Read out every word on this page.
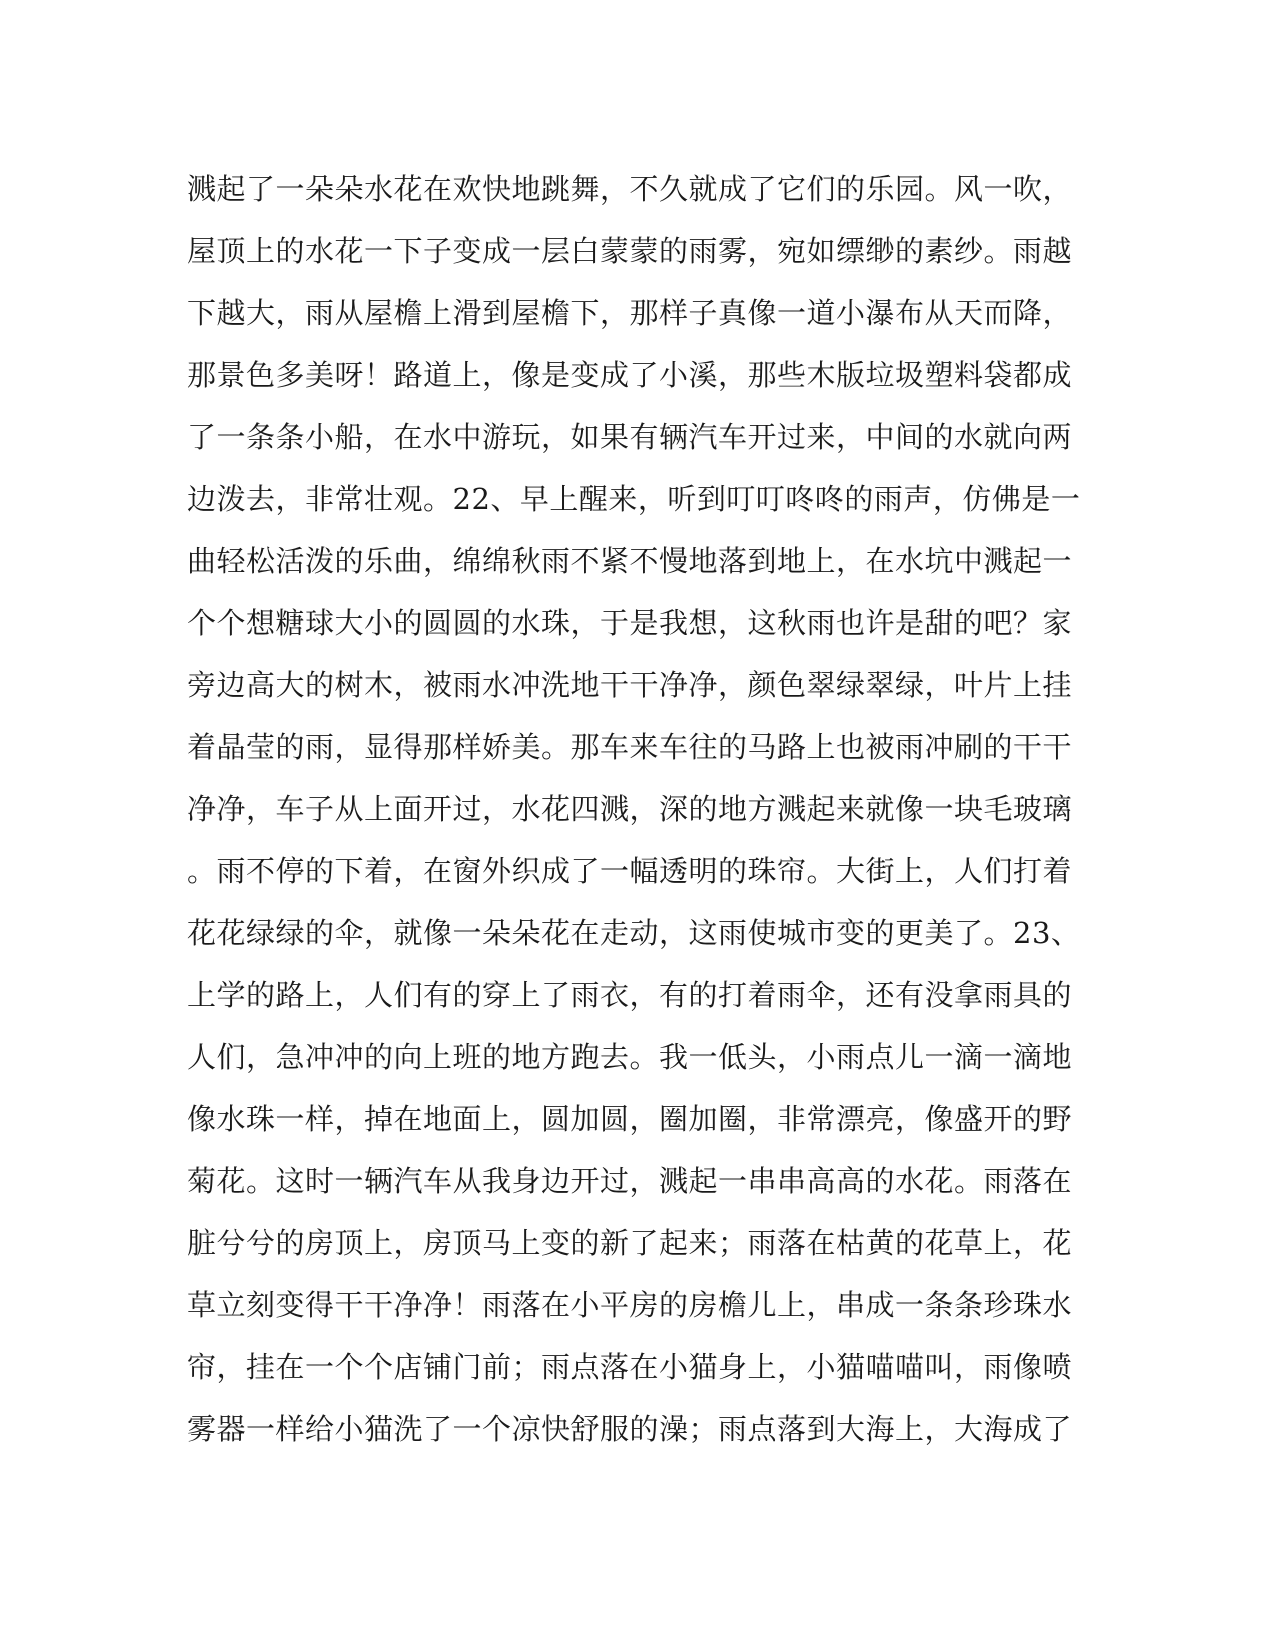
溅起了一朵朵水花在欢快地跳舞，不久就成了它们的乐园。风一吹，
屋顶上的水花一下子变成一层白蒙蒙的雨雾，宛如缥缈的素纱。雨越
下越大，雨从屋檐上滑到屋檐下，那样子真像一道小瀑布从天而降，
那景色多美呀！路道上，像是变成了小溪，那些木版垃圾塑料袋都成
了一条条小船，在水中游玩，如果有辆汽车开过来，中间的水就向两
边泼去，非常壮观。22、早上醒来，听到叮叮咚咚的雨声，仿佛是一
曲轻松活泼的乐曲，绵绵秋雨不紧不慢地落到地上，在水坑中溅起一
个个想糖球大小的圆圆的水珠，于是我想，这秋雨也许是甜的吧？家
旁边高大的树木，被雨水冲洗地干干净净，颜色翠绿翠绿，叶片上挂
着晶莹的雨，显得那样娇美。那车来车往的马路上也被雨冲刷的干干
净净，车子从上面开过，水花四溅，深的地方溅起来就像一块毛玻璃
。雨不停的下着，在窗外织成了一幅透明的珠帘。大街上，人们打着
花花绿绿的伞，就像一朵朵花在走动，这雨使城市变的更美了。23、
上学的路上，人们有的穿上了雨衣，有的打着雨伞，还有没拿雨具的
人们，急冲冲的向上班的地方跑去。我一低头，小雨点儿一滴一滴地
像水珠一样，掉在地面上，圆加圆，圈加圈，非常漂亮，像盛开的野
菊花。这时一辆汽车从我身边开过，溅起一串串高高的水花。雨落在
脏兮兮的房顶上，房顶马上变的新了起来；雨落在枯黄的花草上，花
草立刻变得干干净净！雨落在小平房的房檐儿上，串成一条条珍珠水
帘，挂在一个个店铺门前；雨点落在小猫身上，小猫喵喵叫，雨像喷
雾器一样给小猫洗了一个凉快舒服的澡；雨点落到大海上，大海成了
